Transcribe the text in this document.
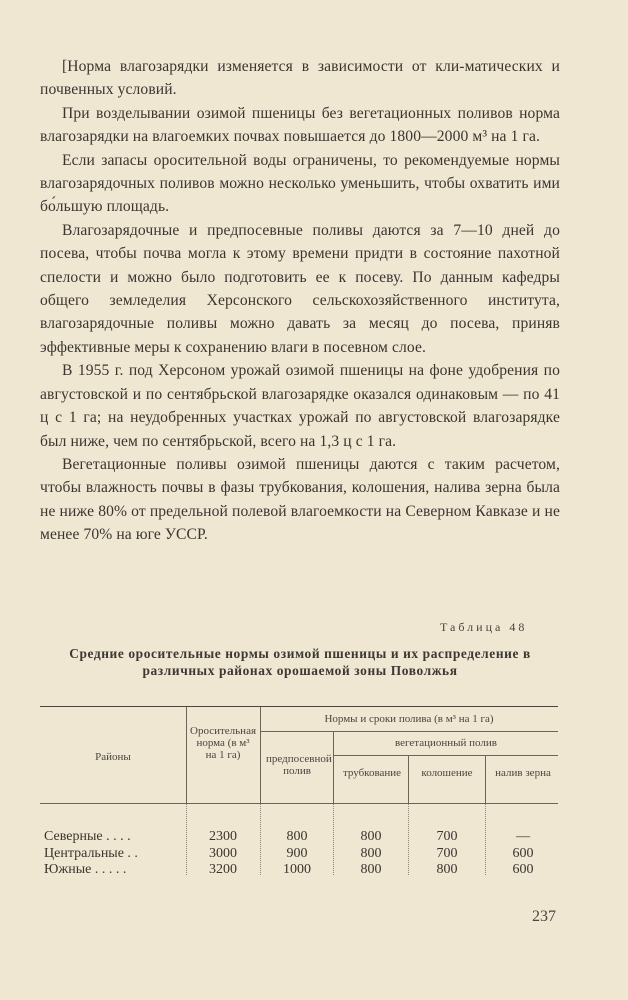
[Норма влагозарядки изменяется в зависимости от кли-матических и почвенных условий.

При возделывании озимой пшеницы без вегетационных поливов норма влагозарядки на влагоемких почвах повышается до 1800—2000 м³ на 1 га.

Если запасы оросительной воды ограничены, то рекомендуемые нормы влагозарядочных поливов можно несколько уменьшить, чтобы охватить ими бо́льшую площадь.

Влагозарядочные и предпосевные поливы даются за 7—10 дней до посева, чтобы почва могла к этому времени придти в состояние пахотной спелости и можно было подготовить ее к посеву. По данным кафедры общего земледелия Херсонского сельскохозяйственного института, влагозарядочные поливы можно давать за месяц до посева, приняв эффективные меры к сохранению влаги в посевном слое.

В 1955 г. под Херсоном урожай озимой пшеницы на фоне удобрения по августовской и по сентябрьской влагозарядке оказался одинаковым — по 41 ц с 1 га; на неудобренных участках урожай по августовской влагозарядке был ниже, чем по сентябрьской, всего на 1,3 ц с 1 га.

Вегетационные поливы озимой пшеницы даются с таким расчетом, чтобы влажность почвы в фазы трубкования, колошения, налива зерна была не ниже 80% от предельной полевой влагоемкости на Северном Кавказе и не менее 70% на юге УССР.

Таблица 48
Средние оросительные нормы озимой пшеницы и их распределение в различных районах орошаемой зоны Поволжья
Районы
Оросительная норма (в м³ на 1 га)
Нормы и сроки полива (в м³ на 1 га)
предпосевной полив
вегетационный полив
трубкование	колошение	налив зерна
Северные . . . .	2300	800	800	700	—
Центральные . .	3000	900	800	700	600
Южные . . . . .	3200	1000	800	800	600
237
